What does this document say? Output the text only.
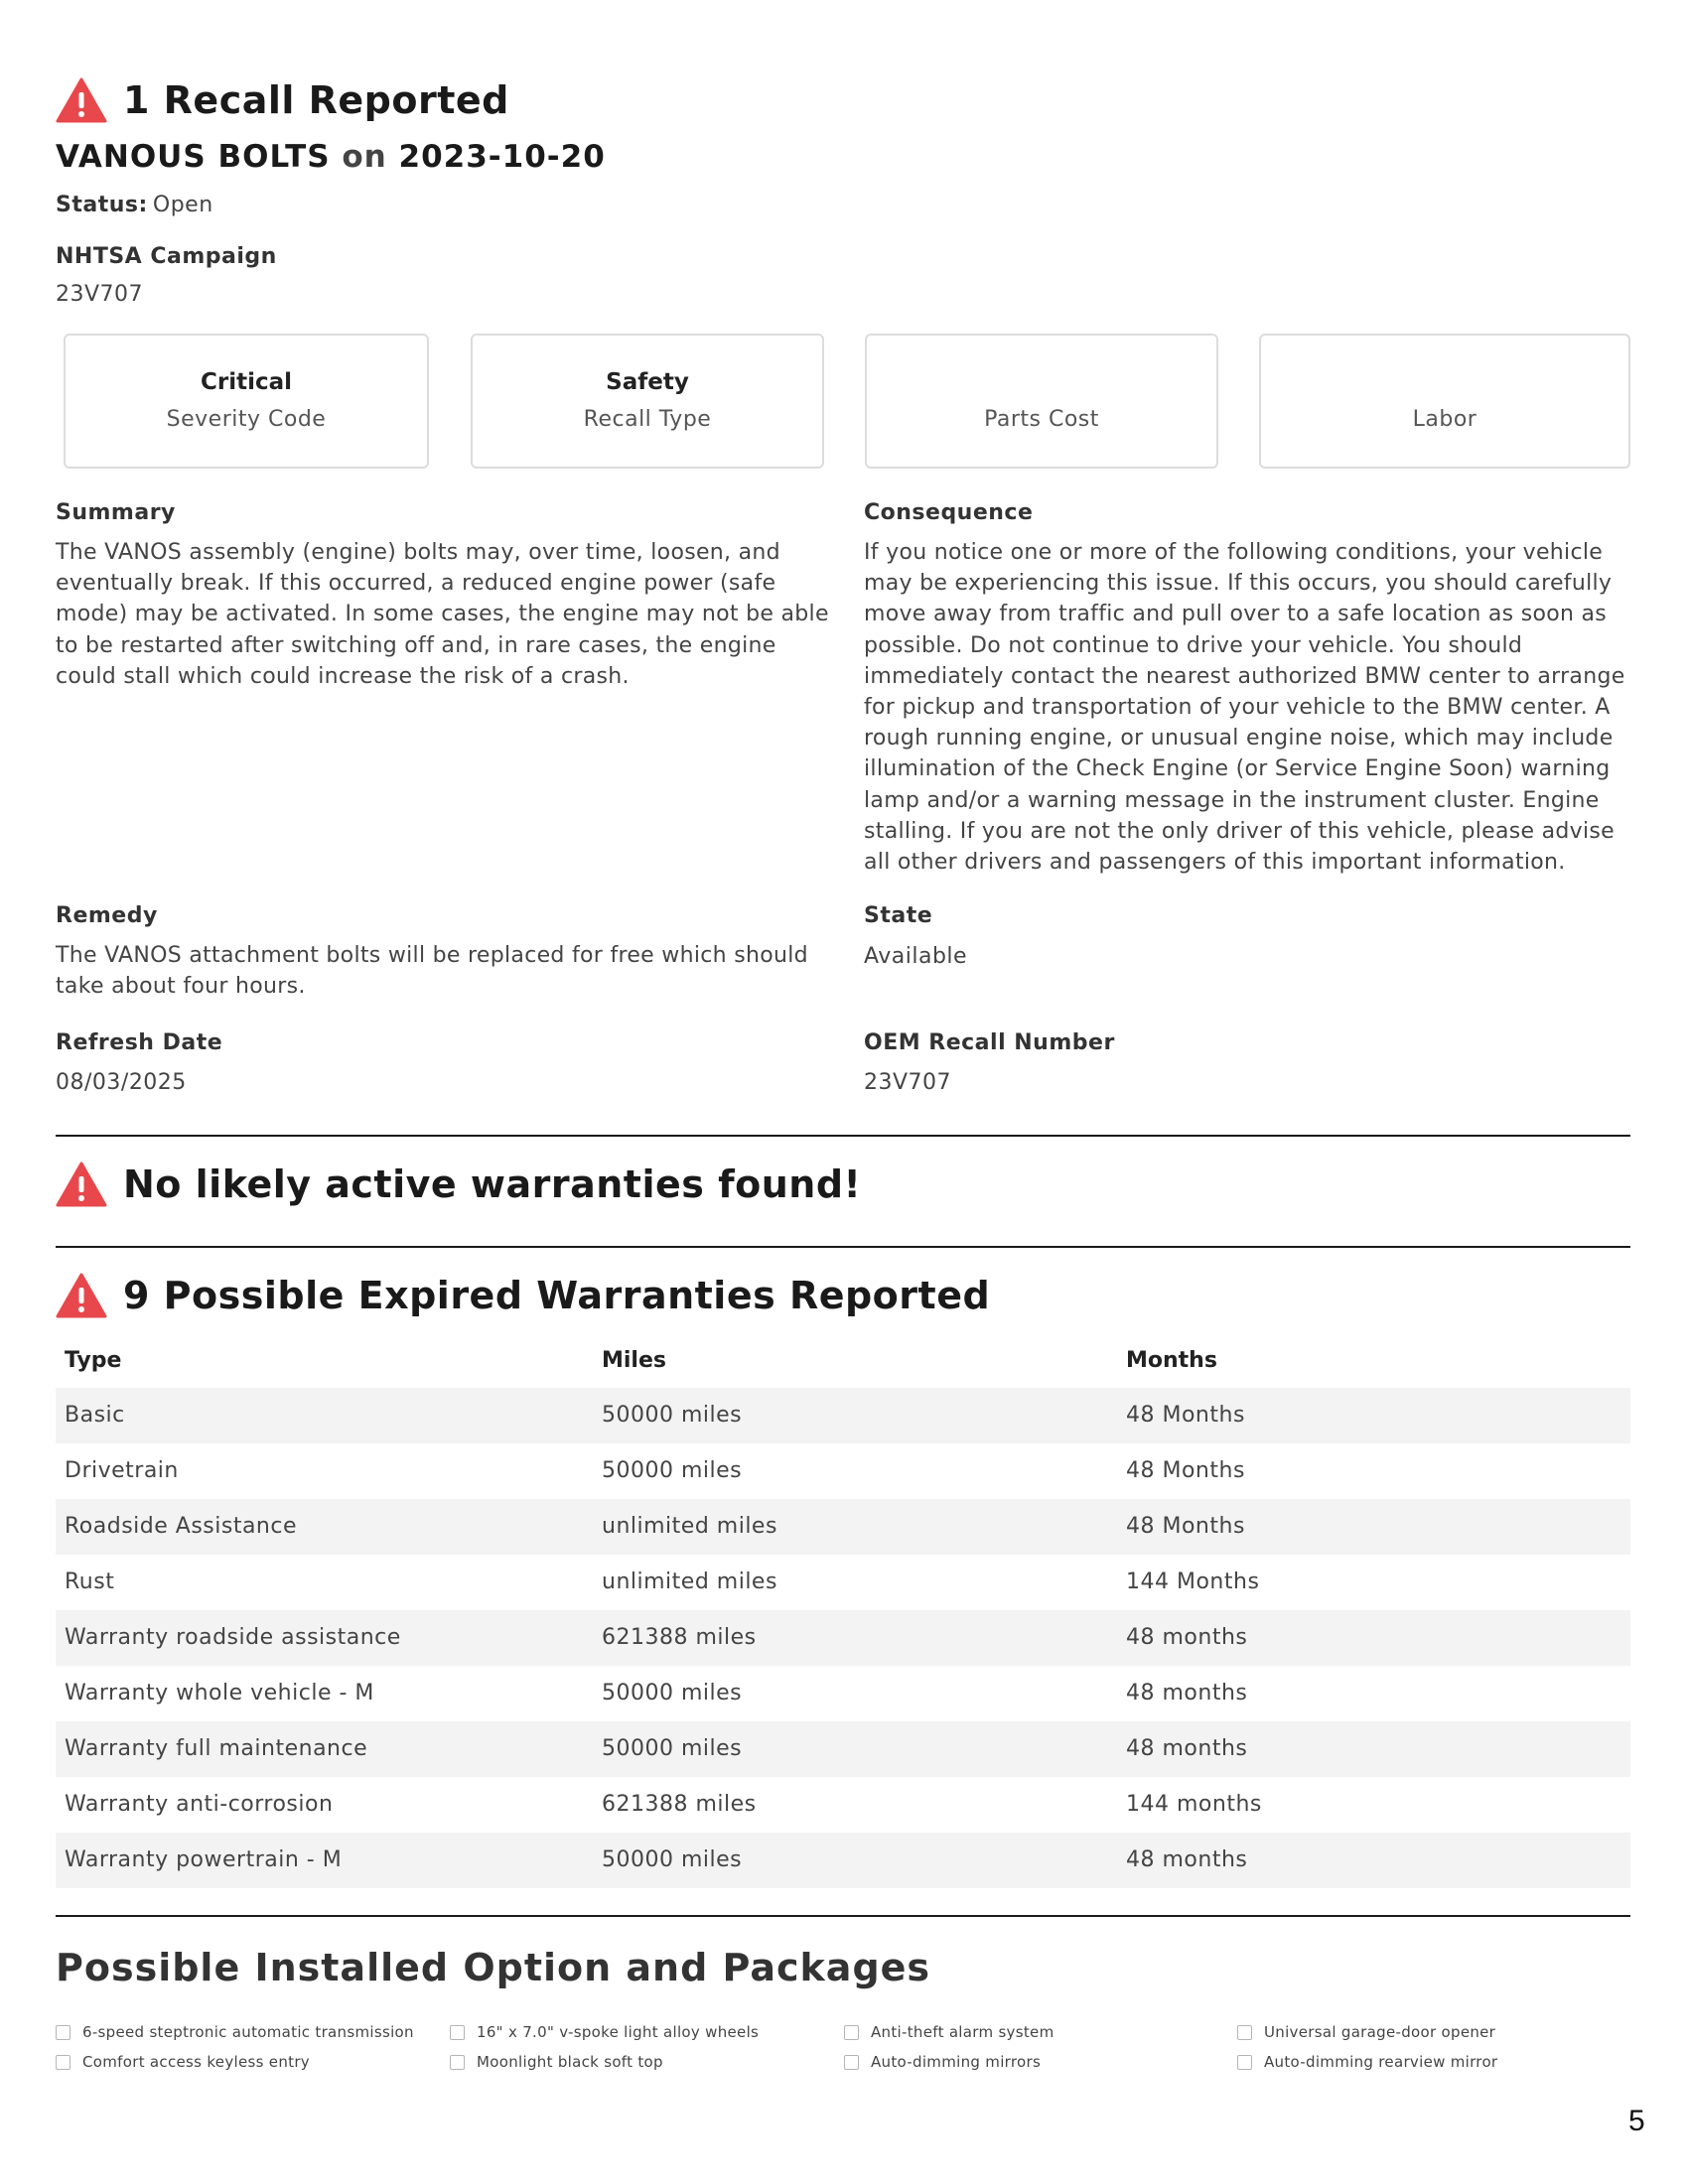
1 Recall Reported
VANOUS BOLTS on 2023-10-20
Status: Open
NHTSA Campaign
23V707
Critical
Severity Code
Safety
Recall Type	Parts Cost	Labor
Summary
The VANOS assembly (engine) bolts may, over time, loosen, and
eventually break. If this occurred, a reduced engine power (safe
mode) may be activated. In some cases, the engine may not be able
to be restarted after switching off and, in rare cases, the engine
could stall which could increase the risk of a crash.
Consequence
If you notice one or more of the following conditions, your vehicle
may be experiencing this issue. If this occurs, you should carefully
move away from traffic and pull over to a safe location as soon as
possible. Do not continue to drive your vehicle. You should
immediately contact the nearest authorized BMW center to arrange
for pickup and transportation of your vehicle to the BMW center. A
rough running engine, or unusual engine noise, which may include
illumination of the Check Engine (or Service Engine Soon) warning
lamp and/or a warning message in the instrument cluster. Engine
stalling. If you are not the only driver of this vehicle, please advise
all other drivers and passengers of this important information.
Remedy
The VANOS attachment bolts will be replaced for free which should
take about four hours.
State
Available
Refresh Date
08/03/2025
OEM Recall Number
23V707
No likely active warranties found!
9 Possible Expired Warranties Reported
Type	Miles	Months
Basic	50000 miles	48 Months
Drivetrain	50000 miles	48 Months
Roadside Assistance	unlimited miles	48 Months
Rust	unlimited miles	144 Months
Warranty roadside assistance	621388 miles	48 months
Warranty whole vehicle - M	50000 miles	48 months
Warranty full maintenance	50000 miles	48 months
Warranty anti-corrosion	621388 miles	144 months
Warranty powertrain - M	50000 miles	48 months
Possible Installed Option and Packages
6-speed steptronic automatic transmission	16" x 7.0" v-spoke light alloy wheels	Anti-theft alarm system	Universal garage-door opener
Comfort access keyless entry	Moonlight black soft top	Auto-dimming mirrors	Auto-dimming rearview mirror
5
